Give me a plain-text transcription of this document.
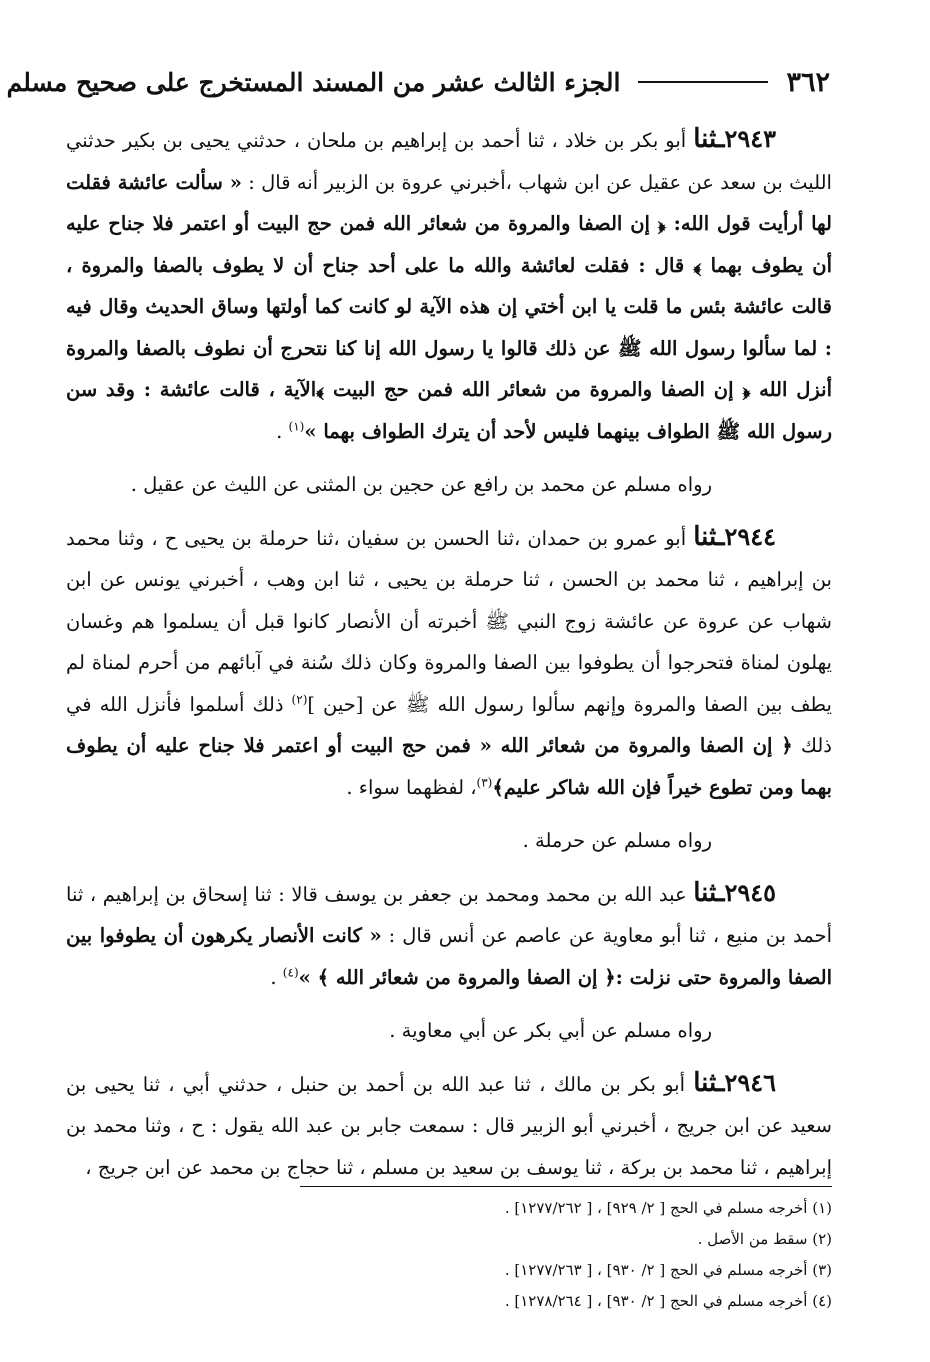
٣٦٢
الجزء الثالث عشر من المسند المستخرج على صحيح مسلم

٢٩٤٣ـثنا أبو بكر بن خلاد ، ثنا أحمد بن إبراهيم بن ملحان ، حدثني يحيى بن بكير حدثني الليث بن سعد عن عقيل عن ابن شهاب ،أخبرني عروة بن الزبير أنه قال : « سألت عائشة فقلت لها أرأيت قول الله: ﴿ إن الصفا والمروة من شعائر الله فمن حج البيت أو اعتمر فلا جناح عليه أن يطوف بهما ﴾ قال : فقلت لعائشة والله ما على أحد جناح أن لا يطوف بالصفا والمروة ، قالت عائشة بئس ما قلت يا ابن أختي إن هذه الآية لو كانت كما أولتها وساق الحديث وقال فيه : لما سألوا رسول الله ﷺ عن ذلك قالوا يا رسول الله إنا كنا نتحرج أن نطوف بالصفا والمروة أنزل الله ﴿ إن الصفا والمروة من شعائر الله فمن حج البيت ﴾الآية ، قالت عائشة : وقد سن رسول الله ﷺ الطواف بينهما فليس لأحد أن يترك الطواف بهما »$^{(١)}$ .

رواه مسلم عن محمد بن رافع عن حجين بن المثنى عن الليث عن عقيل .

٢٩٤٤ـثنا أبو عمرو بن حمدان ،ثنا الحسن بن سفيان ،ثنا حرملة بن يحيى ح ، وثنا محمد بن إبراهيم ، ثنا محمد بن الحسن ، ثنا حرملة بن يحيى ، ثنا ابن وهب ، أخبرني يونس عن ابن شهاب عن عروة عن عائشة زوج النبي ﷺ أخبرته أن الأنصار كانوا قبل أن يسلموا هم وغسان يهلون لمناة فتحرجوا أن يطوفوا بين الصفا والمروة وكان ذلك سُنة في آبائهم من أحرم لمناة لم يطف بين الصفا والمروة وإنهم سألوا رسول الله ﷺ عن [حين ]$^{(٢)}$ ذلك أسلموا فأنزل الله في ذلك ﴿ إن الصفا والمروة من شعائر الله « فمن حج البيت أو اعتمر فلا جناح عليه أن يطوف بهما ومن تطوع خيراً فإن الله شاكر عليم﴾$^{(٣)}$، لفظهما سواء .

رواه مسلم عن حرملة .

٢٩٤٥ـثنا عبد الله بن محمد ومحمد بن جعفر بن يوسف قالا : ثنا إسحاق بن إبراهيم ، ثنا أحمد بن منيع ، ثنا أبو معاوية عن عاصم عن أنس قال : « كانت الأنصار يكرهون أن يطوفوا بين الصفا والمروة حتى نزلت :﴿ إن الصفا والمروة من شعائر الله ﴾ »$^{(٤)}$ .

رواه مسلم عن أبي بكر عن أبي معاوية .

٢٩٤٦ـثنا أبو بكر بن مالك ، ثنا عبد الله بن أحمد بن حنبل ، حدثني أبي ، ثنا يحيى بن سعيد عن ابن جريج ، أخبرني أبو الزبير قال : سمعت جابر بن عبد الله يقول : ح ، وثنا محمد بن إبراهيم ، ثنا محمد بن بركة ، ثنا يوسف بن سعيد بن مسلم ، ثنا حجاج بن محمد عن ابن جريج ،

(١) أخرجه مسلم في الحج [ ٢/ ٩٢٩] ، [ ١٢٧٧/٢٦٢] .
(٢) سقط من الأصل .
(٣) أخرجه مسلم في الحج [ ٢/ ٩٣٠] ، [ ١٢٧٧/٢٦٣] .
(٤) أخرجه مسلم في الحج [ ٢/ ٩٣٠] ، [ ١٢٧٨/٢٦٤] .
